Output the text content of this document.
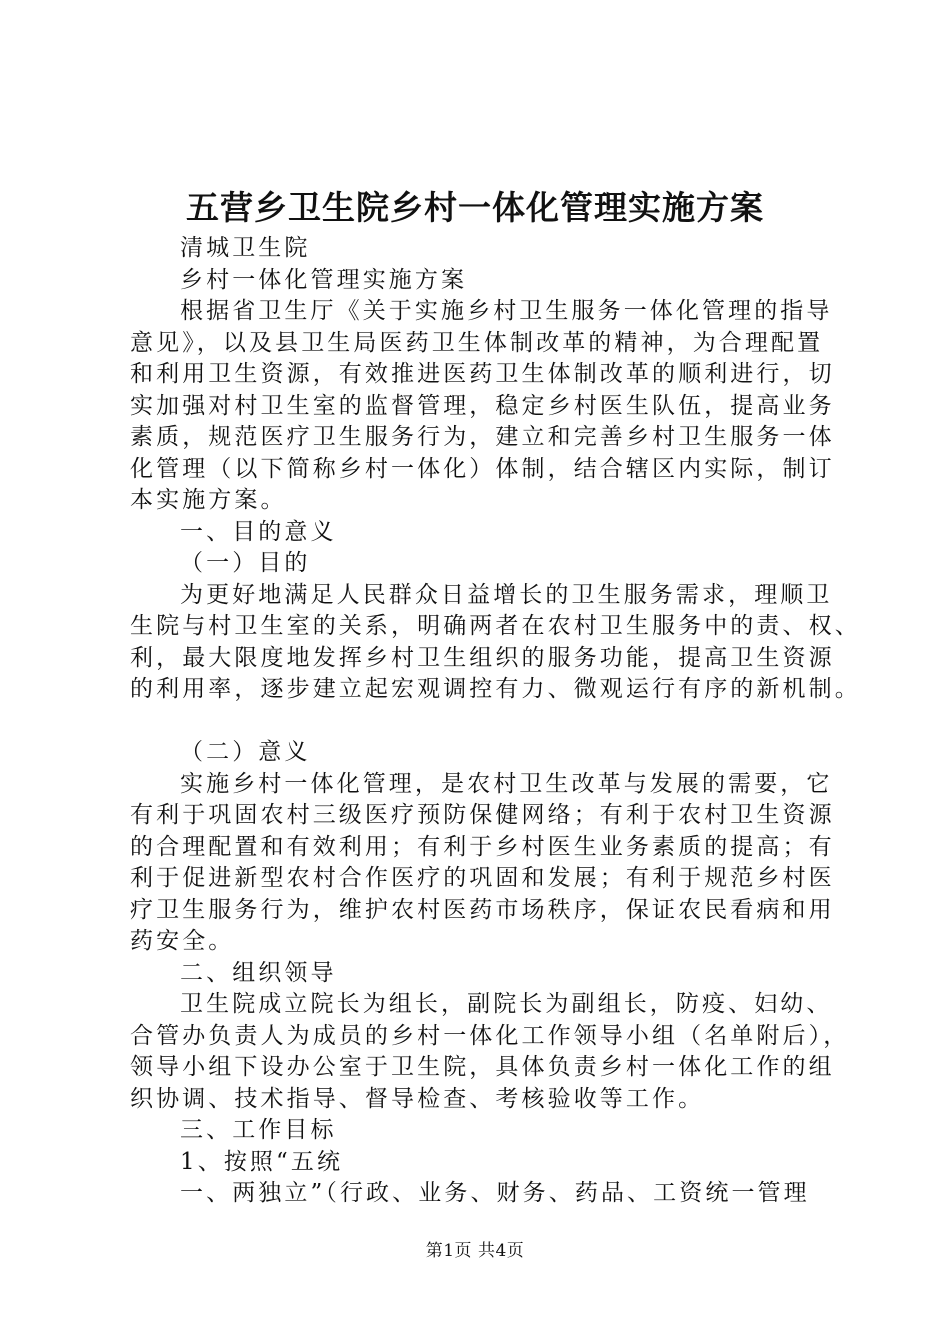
五营乡卫生院乡村一体化管理实施方案
清城卫生院
乡村一体化管理实施方案
根据省卫生厅《关于实施乡村卫生服务一体化管理的指导
意见》，以及县卫生局医药卫生体制改革的精神，为合理配置
和利用卫生资源，有效推进医药卫生体制改革的顺利进行，切
实加强对村卫生室的监督管理，稳定乡村医生队伍，提高业务
素质，规范医疗卫生服务行为，建立和完善乡村卫生服务一体
化管理（以下简称乡村一体化）体制，结合辖区内实际，制订
本实施方案。
一、目的意义
（一）目的
为更好地满足人民群众日益增长的卫生服务需求，理顺卫
生院与村卫生室的关系，明确两者在农村卫生服务中的责、权、
利，最大限度地发挥乡村卫生组织的服务功能，提高卫生资源
的利用率，逐步建立起宏观调控有力、微观运行有序的新机制。
（二）意义
实施乡村一体化管理，是农村卫生改革与发展的需要，它
有利于巩固农村三级医疗预防保健网络；有利于农村卫生资源
的合理配置和有效利用；有利于乡村医生业务素质的提高；有
利于促进新型农村合作医疗的巩固和发展；有利于规范乡村医
疗卫生服务行为，维护农村医药市场秩序，保证农民看病和用
药安全。
二、组织领导
卫生院成立院长为组长，副院长为副组长，防疫、妇幼、
合管办负责人为成员的乡村一体化工作领导小组（名单附后），
领导小组下设办公室于卫生院，具体负责乡村一体化工作的组
织协调、技术指导、督导检查、考核验收等工作。
三、工作目标
1、按照“五统
一、两独立”（行政、业务、财务、药品、工资统一管理
第1页 共4页
